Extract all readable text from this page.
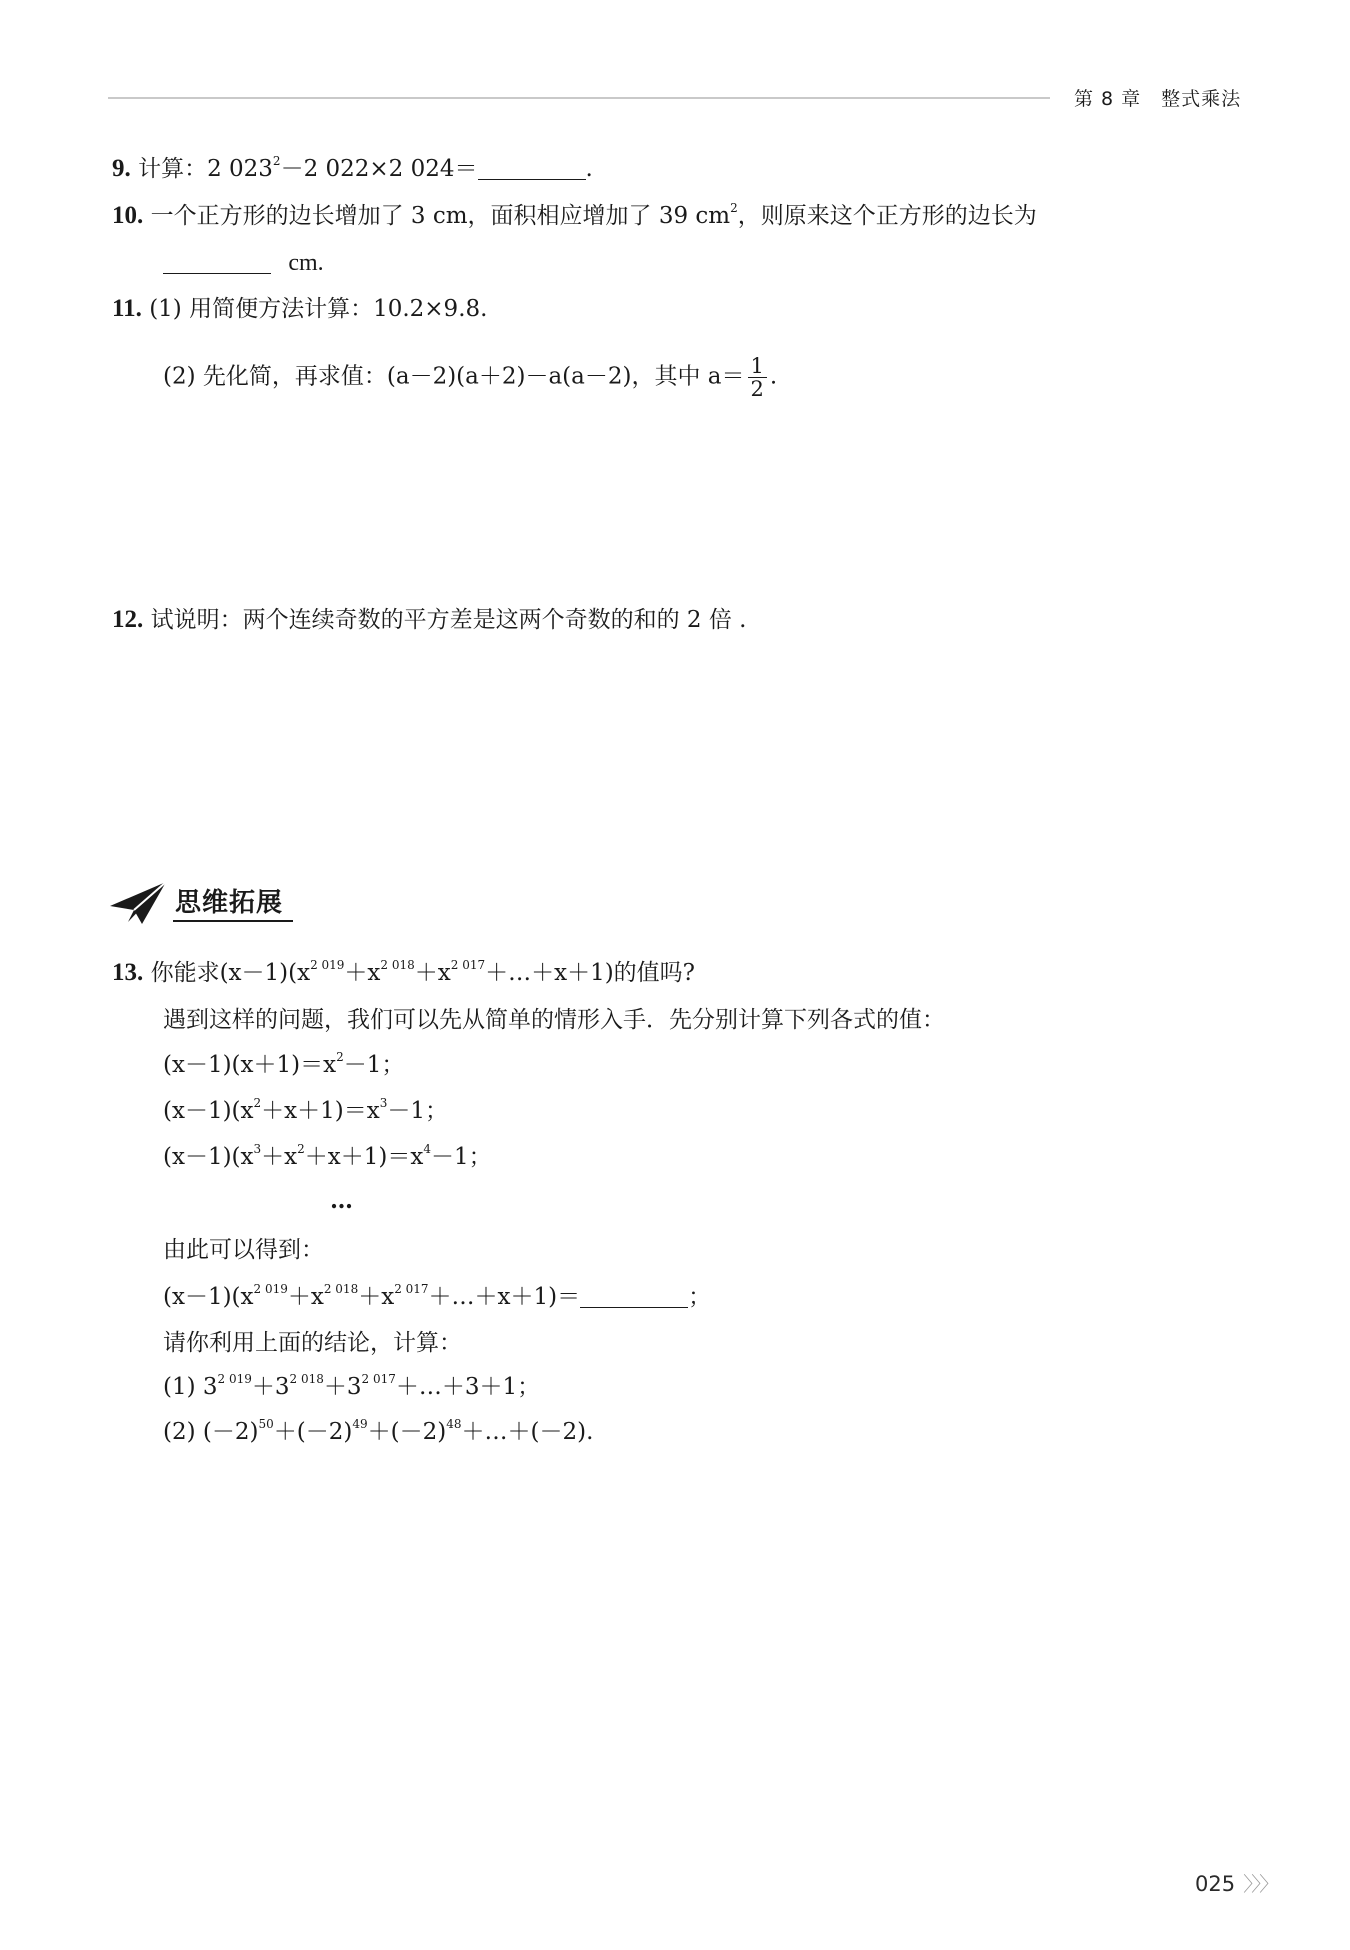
第 8 章 整式乘法
9. 计算：2 $023^2-2$ 022×2 024＝	.
10. 一个正方形的边长增加了 3 cm，面积相应增加了 39 $cm^2$，则原来这个正方形的边长为
cm.
11. (1) 用简便方法计算：10.2×9.8.
(2) 先化简，再求值：(a－2)(a＋2)－a(a－2)，其中 $a= \frac{1}{2}$ .
12. 试说明：两个连续奇数的平方差是这两个奇数的和的 2 倍 .
思维拓展
13. 你能求$(x-1)(x^{2 019}+x^{2 018}+x^{2 017}+\dots+x+1)$的值吗?
遇到这样的问题，我们可以先从简单的情形入手．先分别计算下列各式的值：
$(x-1)(x+1)=x^2-1$；
$(x-1)(x^2+x+1)=x^3-1$；
$(x-1)(x^3+x^2+x+1)=x^4-1$；
…
由此可以得到：
$(x-1)(x^{2 019}+x^{2 018}+x^{2 017}+\dots+x+1)=$	；
请你利用上面的结论，计算：
(1) $3^{2 019}+3^{2 018}+3^{2 017}+\dots+3+1$；
(2) $(-2)^{50}+(-2)^{49}+(-2)^{48}+\dots+(-2)$.
025 〉〉〉
